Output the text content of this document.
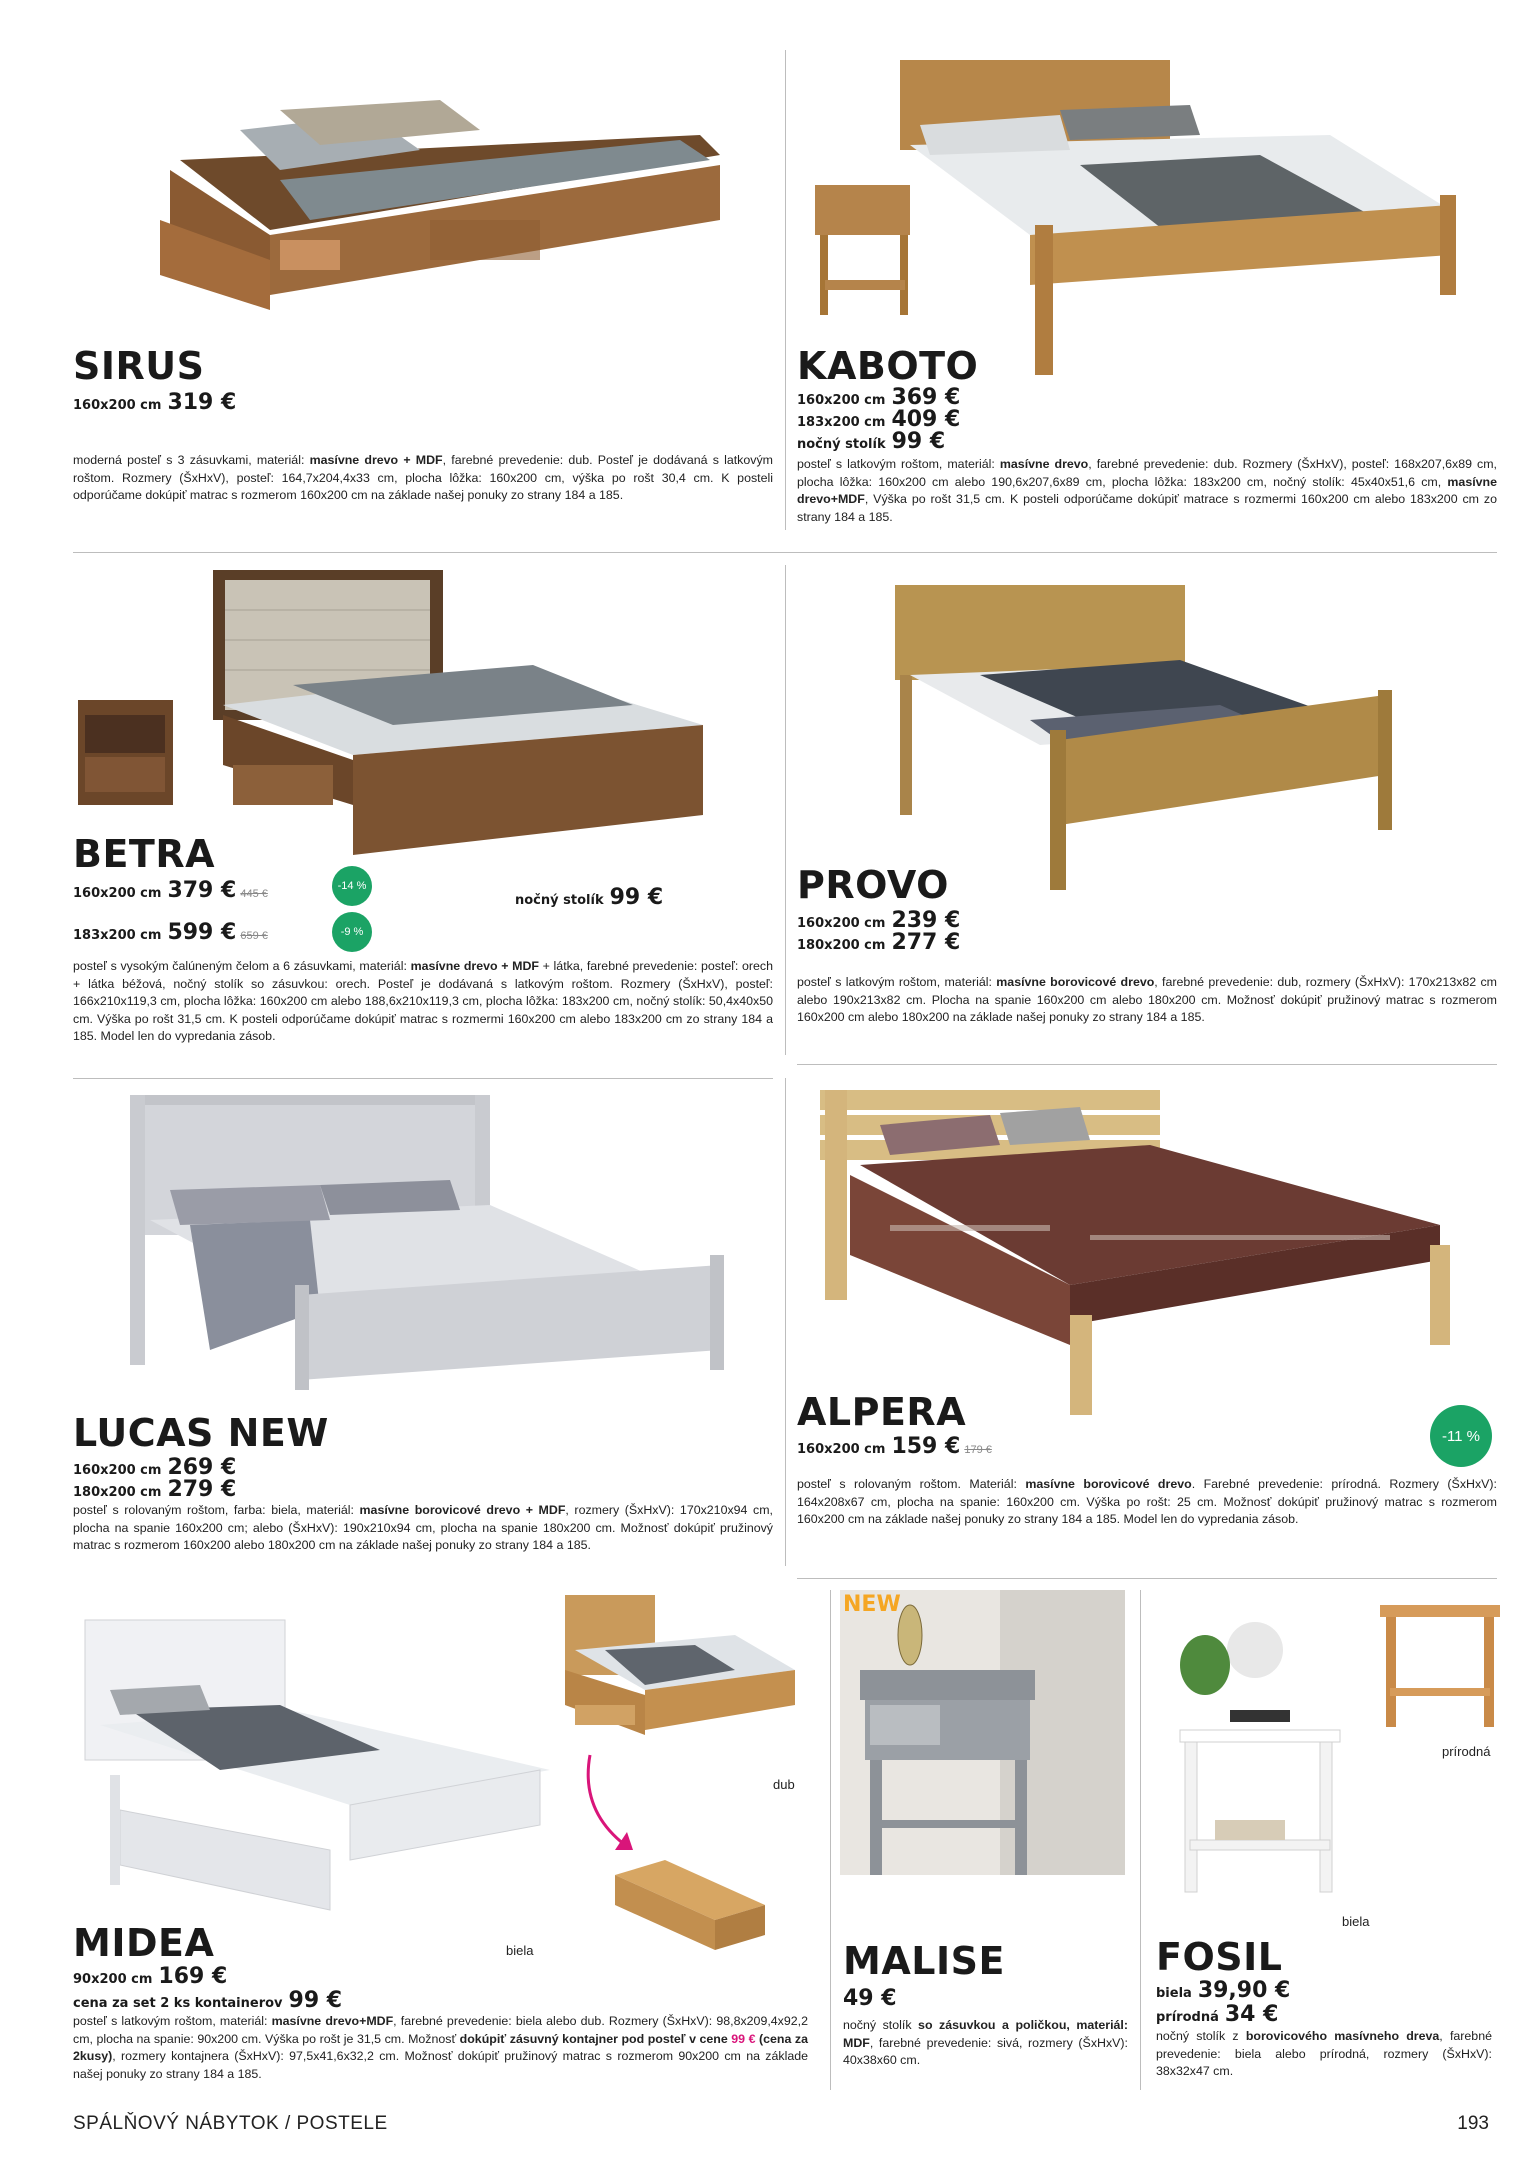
SIRUS
160x200 cm 319 €

moderná posteľ s 3 zásuvkami, materiál: masívne drevo + MDF, farebné prevedenie: dub. Posteľ je dodávaná s latkovým roštom. Rozmery (ŠxHxV), posteľ: 164,7x204,4x33 cm, plocha lôžka: 160x200 cm, výška po rošt 30,4 cm. K posteli odporúčame dokúpiť matrac s rozmerom 160x200 cm na základe našej ponuky zo strany 184 a 185.

KABOTO
160x200 cm 369 €
183x200 cm 409 €
nočný stolík 99 €

posteľ s latkovým roštom, materiál: masívne drevo, farebné prevedenie: dub. Rozmery (ŠxHxV), posteľ: 168x207,6x89 cm, plocha lôžka: 160x200 cm alebo 190,6x207,6x89 cm, plocha lôžka: 183x200 cm, nočný stolík: 45x40x51,6 cm, masívne drevo+MDF, Výška po rošt 31,5 cm. K posteli odporúčame dokúpiť matrace s rozmermi 160x200 cm alebo 183x200 cm zo strany 184 a 185.

BETRA
160x200 cm 379 € 445 €
-14 %
183x200 cm 599 € 659 €	-9 %
nočný stolík 99 €

posteľ s vysokým čalúneným čelom a 6 zásuvkami, materiál: masívne drevo + MDF + látka, farebné prevedenie: posteľ: orech + látka béžová, nočný stolík so zásuvkou: orech. Posteľ je dodávaná s latkovým roštom. Rozmery (ŠxHxV), posteľ: 166x210x119,3 cm, plocha lôžka: 160x200 cm alebo 188,6x210x119,3 cm, plocha lôžka: 183x200 cm, nočný stolík: 50,4x40x50 cm. Výška po rošt 31,5 cm. K posteli odporúčame dokúpiť matrac s rozmermi 160x200 cm alebo 183x200 cm zo strany 184 a 185. Model len do vypredania zásob.

PROVO
160x200 cm 239 €
180x200 cm 277 €

posteľ s latkovým roštom, materiál: masívne borovicové drevo, farebné prevedenie: dub, rozmery (ŠxHxV): 170x213x82 cm alebo 190x213x82 cm. Plocha na spanie 160x200 cm alebo 180x200 cm. Možnosť dokúpiť pružinový matrac s rozmerom 160x200 cm alebo 180x200 na základe našej ponuky zo strany 184 a 185.

LUCAS NEW
160x200 cm 269 €
180x200 cm 279 €

posteľ s rolovaným roštom, farba: biela, materiál: masívne borovicové drevo + MDF, rozmery (ŠxHxV): 170x210x94 cm, plocha na spanie 160x200 cm; alebo (ŠxHxV): 190x210x94 cm, plocha na spanie 180x200 cm. Možnosť dokúpiť pružinový matrac s rozmerom 160x200 alebo 180x200 cm na základe našej ponuky zo strany 184 a 185.

ALPERA
160x200 cm 159 € 179 €
-11 %

posteľ s rolovaným roštom. Materiál: masívne borovicové drevo. Farebné prevedenie: prírodná. Rozmery (ŠxHxV): 164x208x67 cm, plocha na spanie: 160x200 cm. Výška po rošt: 25 cm. Možnosť dokúpiť pružinový matrac s rozmerom 160x200 cm na základe našej ponuky zo strany 184 a 185. Model len do vypredania zásob.

dub
biela
MIDEA
90x200 cm 169 €
cena za set 2 ks kontainerov 99 €

posteľ s latkovým roštom, materiál: masívne drevo+MDF, farebné prevedenie: biela alebo dub. Rozmery (ŠxHxV): 98,8x209,4x92,2 cm, plocha na spanie: 90x200 cm. Výška po rošt je 31,5 cm. Možnosť dokúpiť zásuvný kontajner pod posteľ v cene 99 € (cena za 2kusy), rozmery kontajnera (ŠxHxV): 97,5x41,6x32,2 cm. Možnosť dokúpiť pružinový matrac s rozmerom 90x200 cm na základe našej ponuky zo strany 184 a 185.

NEW
MALISE
49 €

nočný stolík so zásuvkou a poličkou, materiál: MDF, farebné prevedenie: sivá, rozmery (ŠxHxV): 40x38x60 cm.

prírodná
biela
FOSIL
biela 39,90 €
prírodná 34 €

nočný stolík z borovicového masívneho dreva, farebné prevedenie: biela alebo prírodná, rozmery (ŠxHxV): 38x32x47 cm.

SPÁLŇOVÝ NÁBYTOK / POSTELE	193
